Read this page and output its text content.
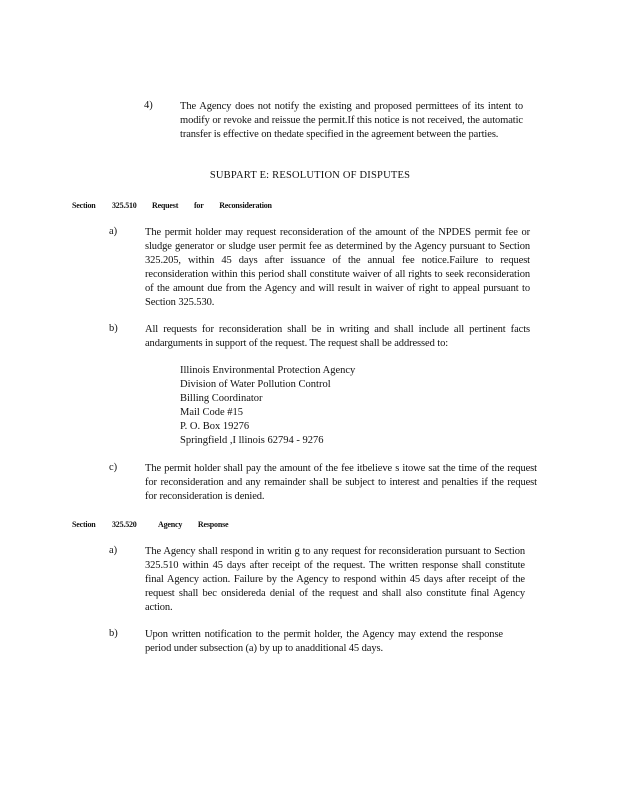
4)	The Agency does not notify the existing and proposed permittees of its intent to modify or revoke and reissue the permit.If this notice is not received, the automatic transfer is effective on thedate specified in the agreement between the parties.
SUBPART E: RESOLUTION OF DISPUTES
Section 325.510 Request for Reconsideration
a)	The permit holder may request reconsideration of the amount of the NPDES permit fee or sludge generator or sludge user permit fee as determined by the Agency pursuant to Section 325.205, within 45 days after issuance of the annual fee notice.Failure to request reconsideration within this period shall constitute waiver of all rights to seek reconsideration of the amount due from the Agency and will result in waiver of right to appeal pursuant to Section 325.530.
b)	All requests for reconsideration shall be in writing and shall include all pertinent facts andarguments in support of the request. The request shall be addressed to:
Illinois Environmental Protection Agency
Division of Water Pollution Control
Billing Coordinator
Mail Code #15
P. O. Box 19276
Springfield ,I llinois 62794 - 9276
c)	The permit holder shall pay the amount of the fee itbelieve s itowe sat the time of the request for reconsideration and any remainder shall be subject to interest and penalties if the request for reconsideration is denied.
Section 325.520	Agency Response
a)	The Agency shall respond in writin g to any request for reconsideration pursuant to Section 325.510 within 45 days after receipt of the request. The written response shall constitute final Agency action. Failure by the Agency to respond within 45 days after receipt of the request shall bec onsidereda denial of the request and shall also constitute final Agency action.
b)	Upon written notification to the permit holder, the Agency may extend the response period under subsection (a) by up to anadditional 45 days.
